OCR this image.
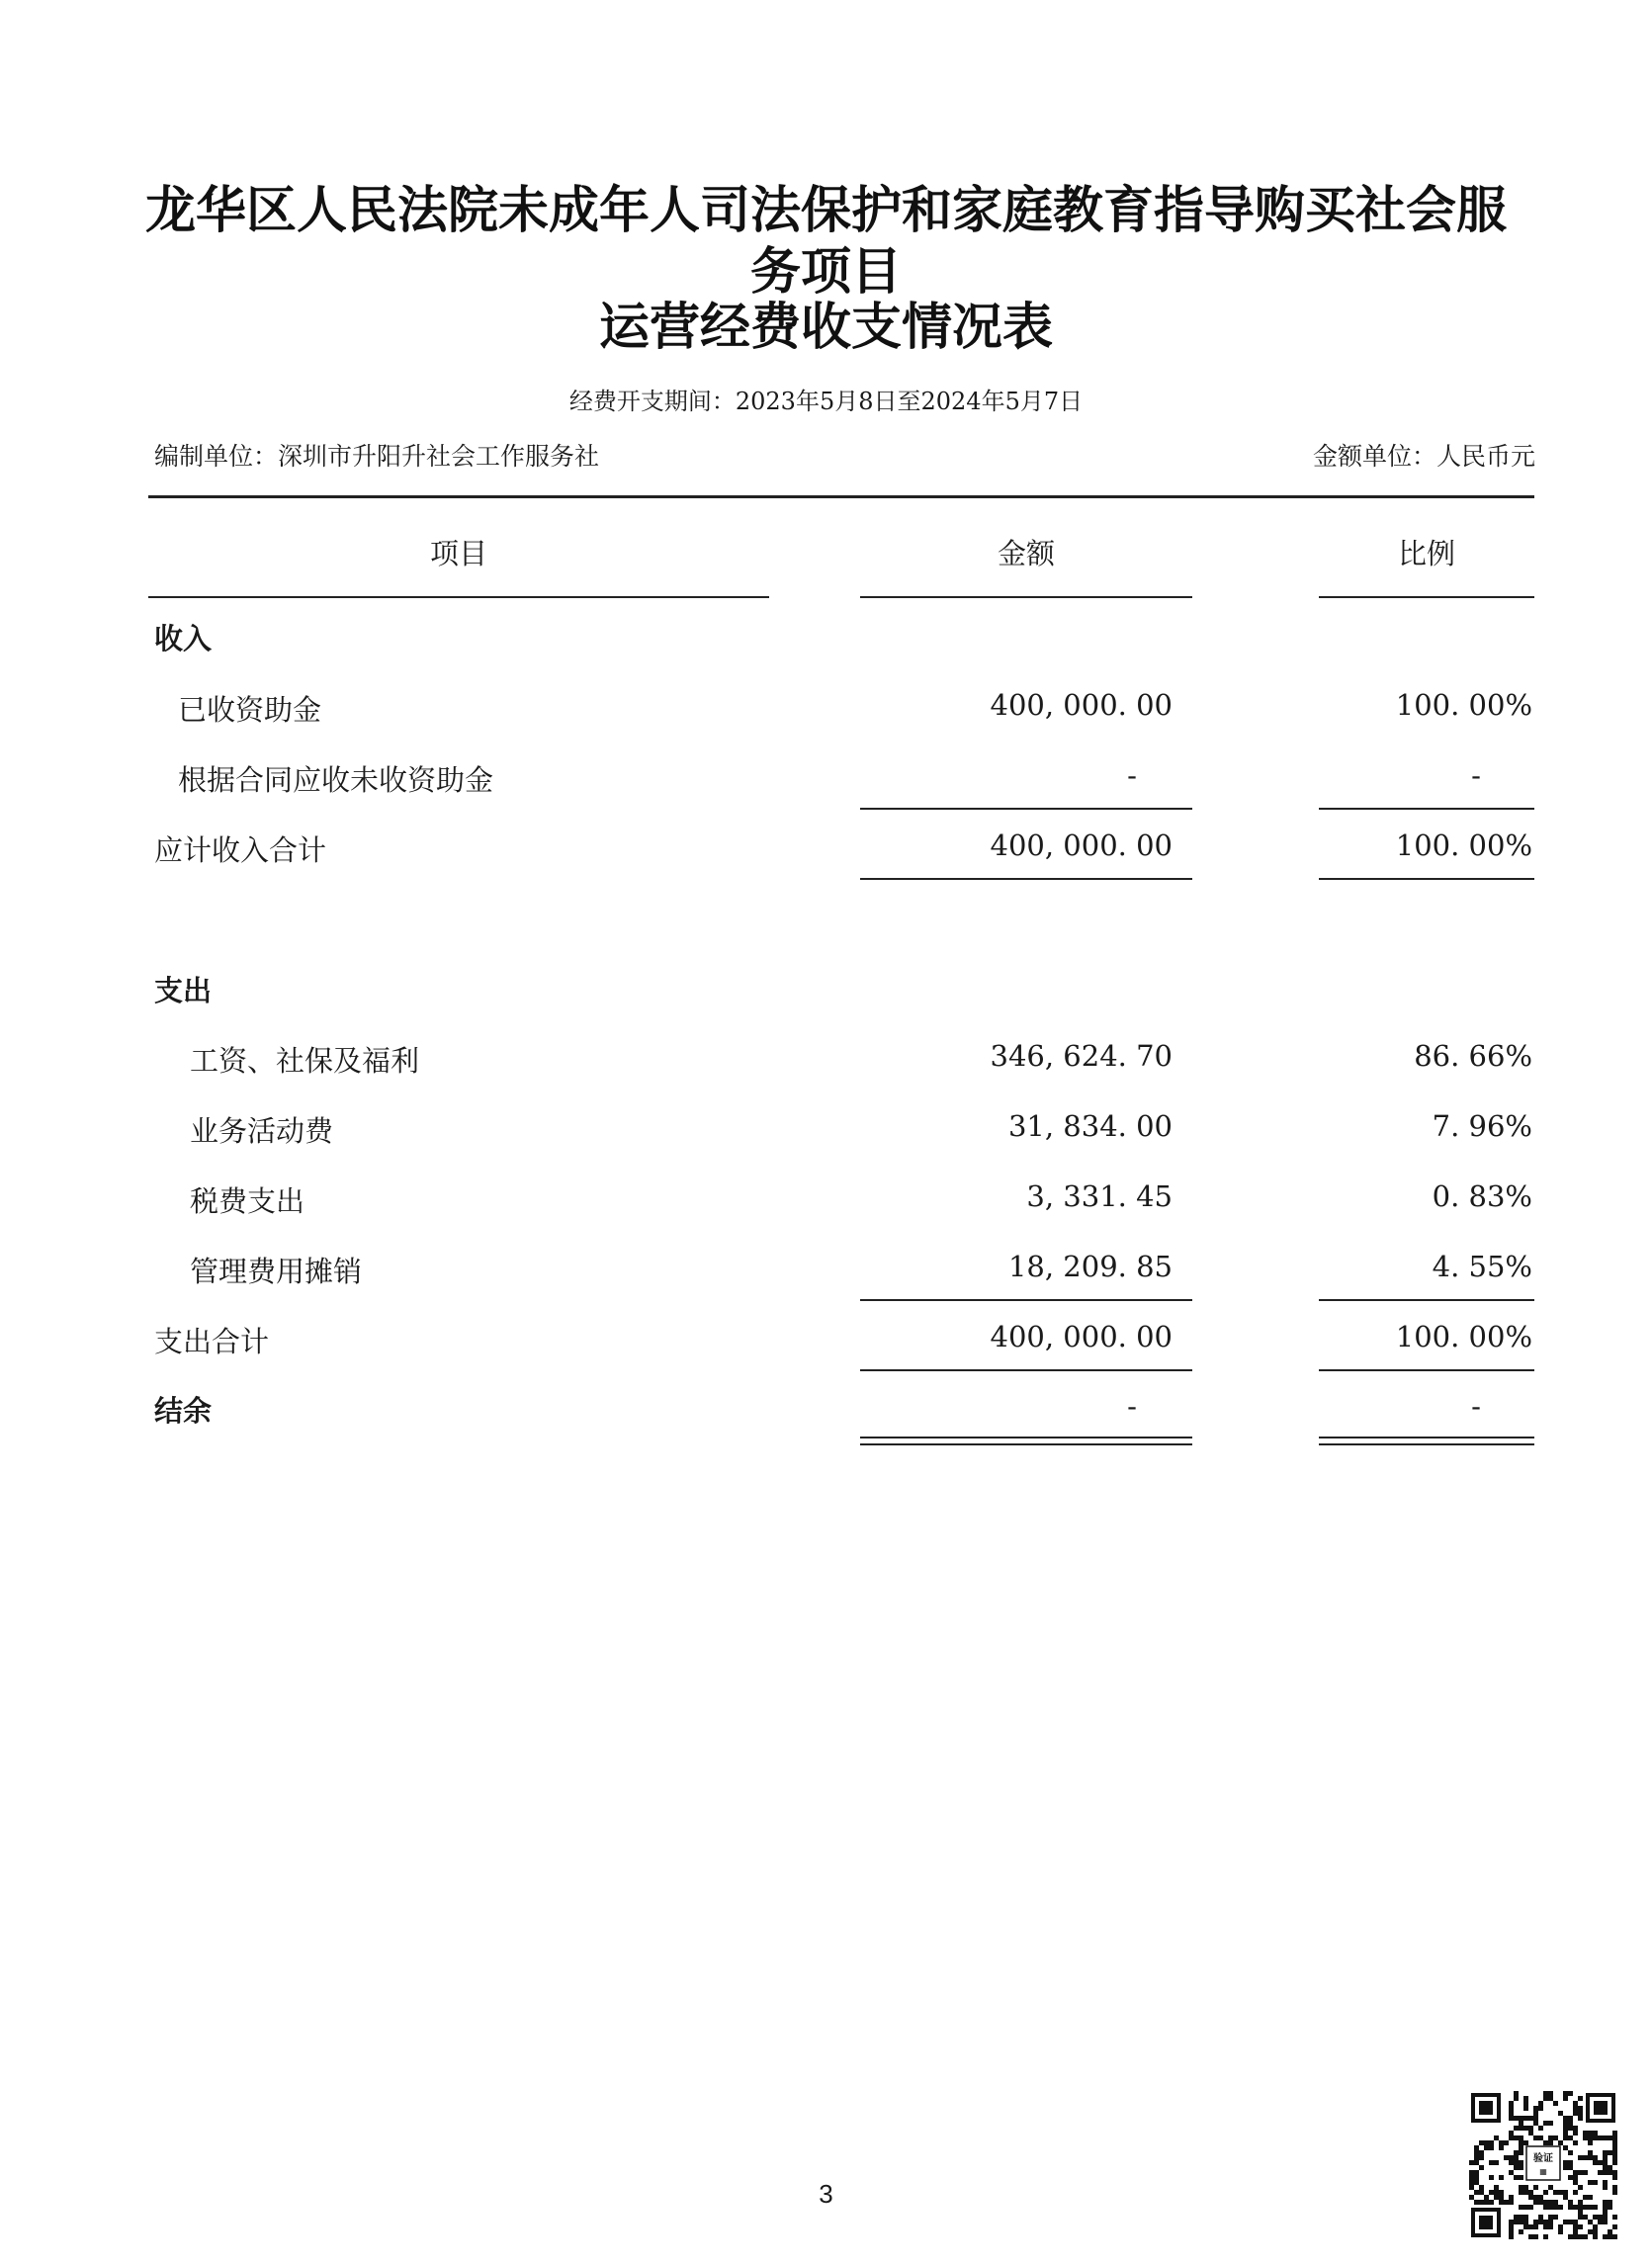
龙华区人民法院未成年人司法保护和家庭教育指导购买社会服
务项目
运营经费收支情况表
经费开支期间：2023年5月8日至2024年5月7日
编制单位：深圳市升阳升社会工作服务社	金额单位：人民币元
项目	金额	比例
收入
已收资助金	400, 000. 00	100. 00%
根据合同应收未收资助金	-	-
应计收入合计	400, 000. 00	100. 00%
支出
工资、社保及福利	346, 624. 70	86. 66%
业务活动费	31, 834. 00	7. 96%
税费支出	3, 331. 45	0. 83%
管理费用摊销	18, 209. 85	4. 55%
支出合计	400, 000. 00	100. 00%
结余	-	-
3
验证
▦
